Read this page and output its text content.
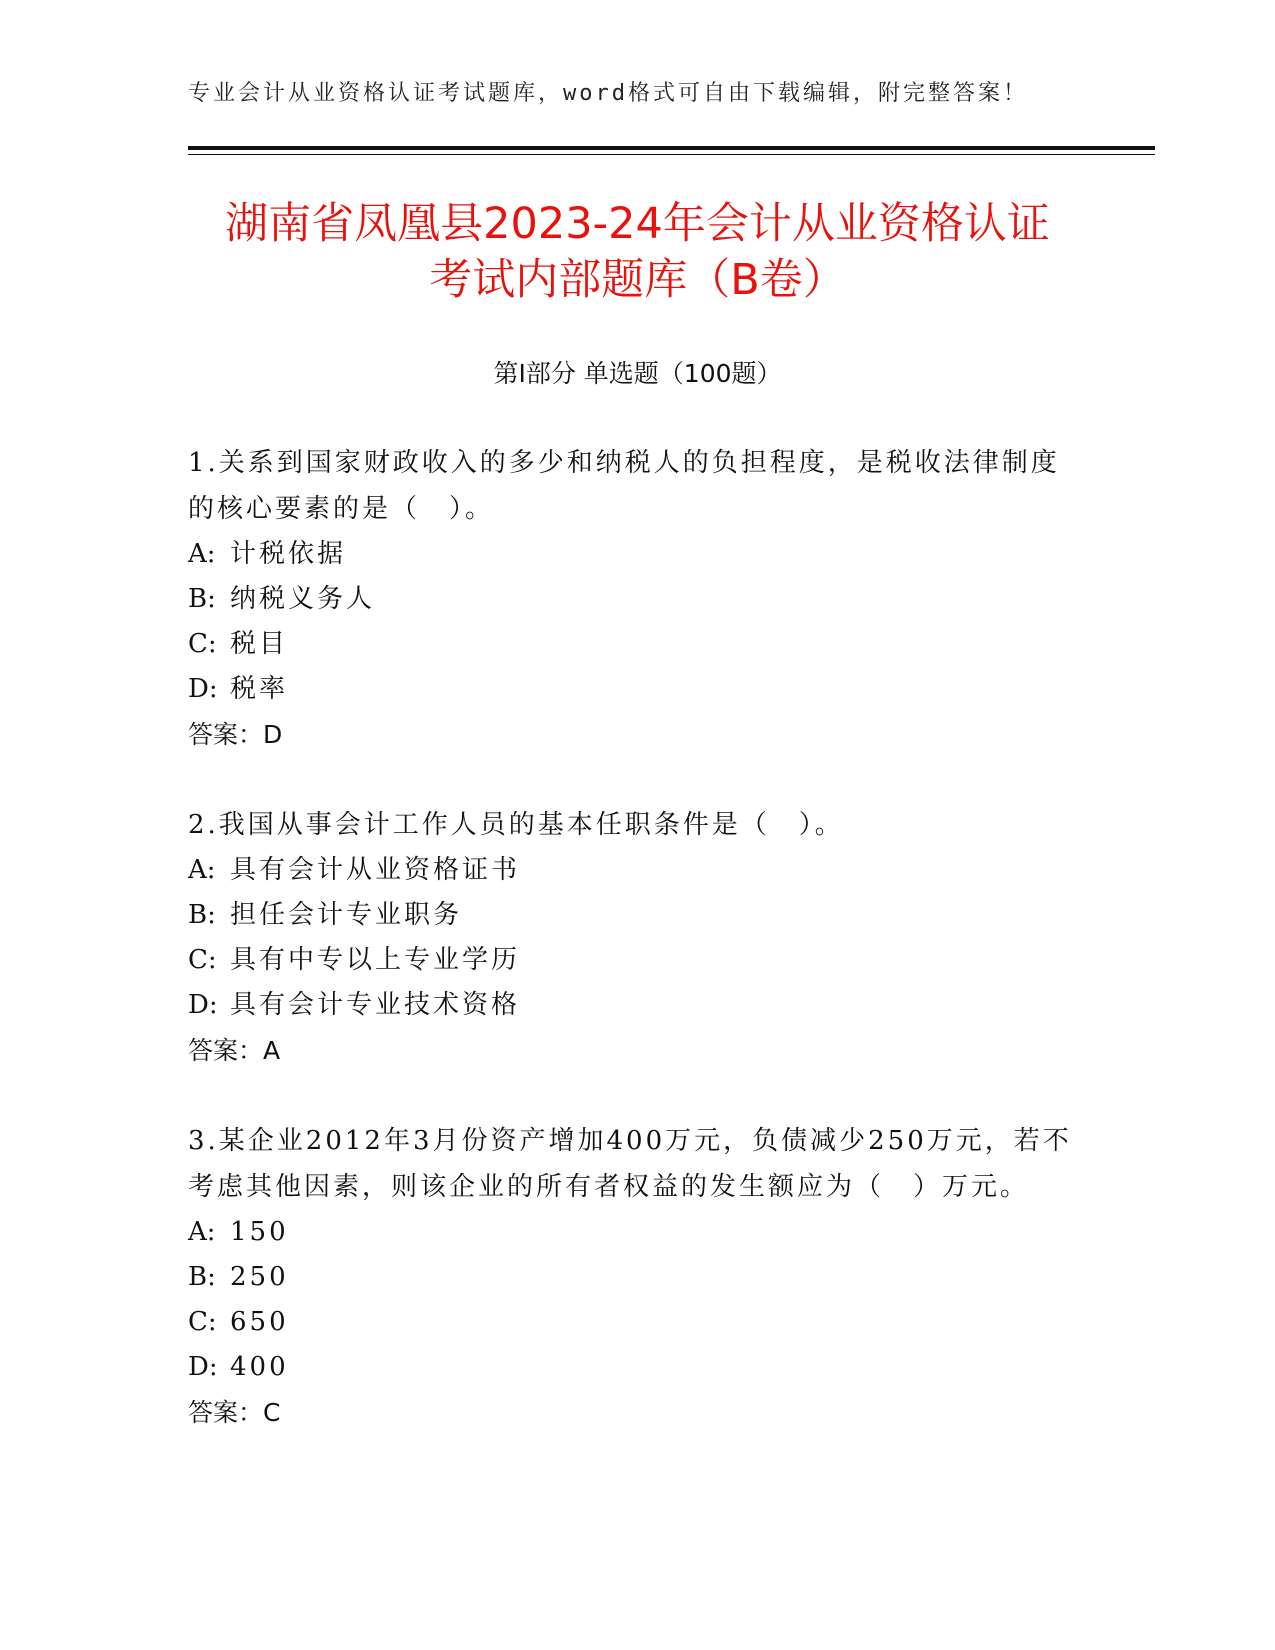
专业会计从业资格认证考试题库，word格式可自由下载编辑，附完整答案！
湖南省凤凰县2023-24年会计从业资格认证
考试内部题库（B卷）
第I部分 单选题（100题）

1.关系到国家财政收入的多少和纳税人的负担程度，是税收法律制度的核心要素的是（　）。

A: 计税依据

B: 纳税义务人

C: 税目

D: 税率

答案：D

2.我国从事会计工作人员的基本任职条件是（　）。

A: 具有会计从业资格证书

B: 担任会计专业职务

C: 具有中专以上专业学历

D: 具有会计专业技术资格

答案：A

3.某企业2012年3月份资产增加400万元，负债减少250万元，若不考虑其他因素，则该企业的所有者权益的发生额应为（　）万元。

A: 150

B: 250

C: 650

D: 400

答案：C
